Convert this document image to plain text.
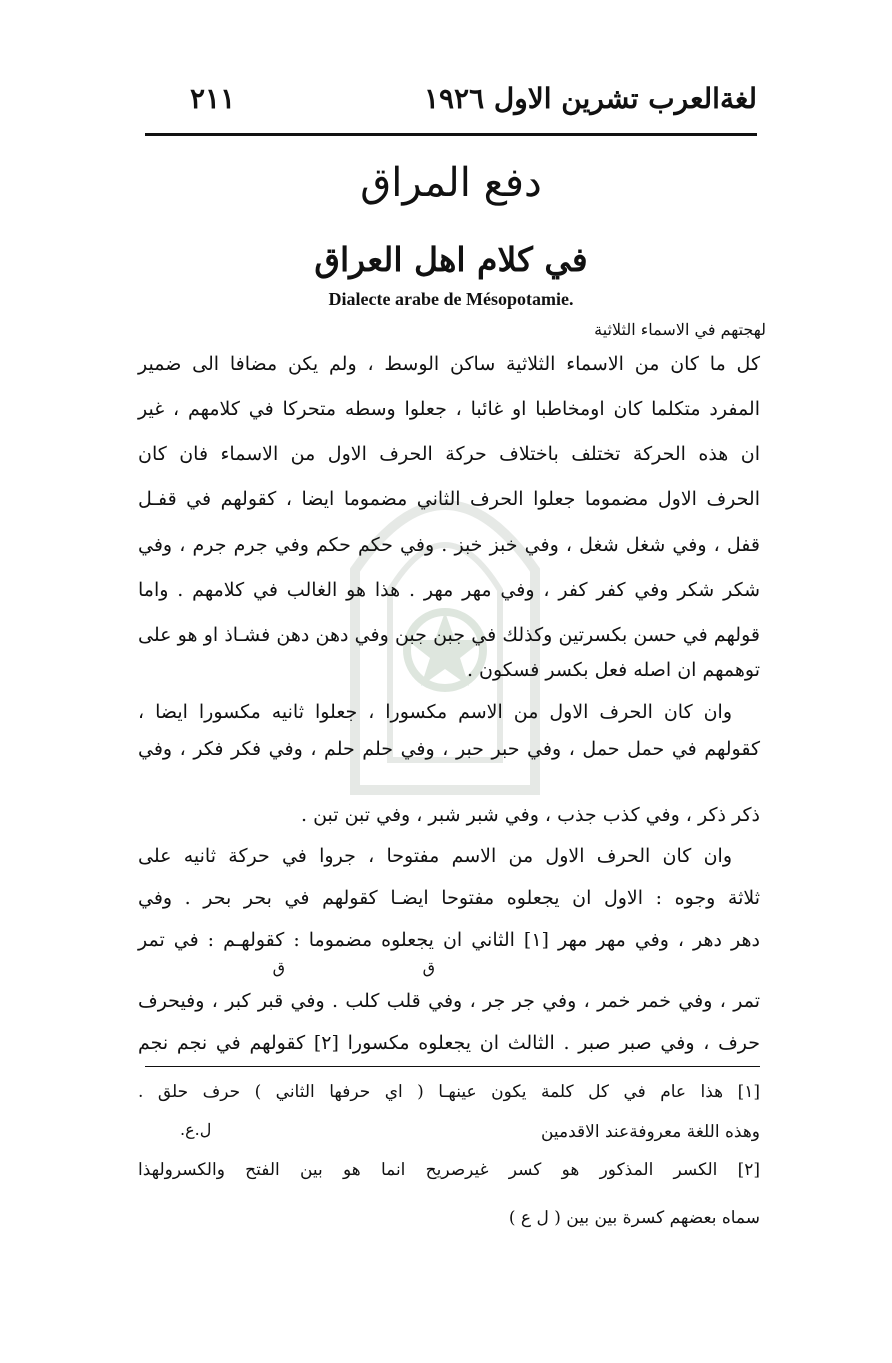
لغةالعرب تشرين الاول ١٩٢٦
٢١١
دفع المراق
في كلام اهل العراق
Dialecte arabe de Mésopotamie.
لهجتهم في الاسماء الثلاثية
كل ما كان من الاسماء الثلاثية ساكن الوسط ، ولم يكن مضافا الى ضمير
المفرد متكلما كان اومخاطبا او غائبا ، جعلوا وسطه متحركا في كلامهم ، غير
ان هذه الحركة تختلف باختلاف حركة الحرف الاول من الاسماء فان كان
الحرف الاول مضموما جعلوا الحرف الثاني مضموما ايضا ، كقولهم في قفـل
قفل ، وفي شغل شغل ، وفي خبز خبز . وفي حكم حكم وفي جرم جرم ، وفي
شكر شكر وفي كفر كفر ، وفي مهر مهر . هذا هو الغالب في كلامهم . واما
قولهم في حسن بكسرتين وكذلك في جبن جبن وفي دهن دهن فشـاذ او هو على
توهمهم ان اصله فعل بكسر فسكون .
وان كان الحرف الاول من الاسم مكسورا ، جعلوا ثانيه مكسورا ايضا ،
كقولهم في حمل حمل ، وفي حبر حبر ، وفي حلم حلم ، وفي فكر فكر ، وفي
ذكر ذكر ، وفي كذب جذب ، وفي شبر شبر ، وفي تبن تبن .
وان كان الحرف الاول من الاسم مفتوحا ، جروا في حركة ثانيه على
ثلاثة وجوه : الاول ان يجعلوه مفتوحا ايضـا كقولهم في بحر بحر . وفي
دهر دهر ، وفي مهر مهر [١] الثاني ان يجعلوه مضموما : كقولهـم : في تمر
ق
ق
تمر ، وفي خمر خمر ، وفي جر جر ، وفي قلب كلب . وفي قبر كبر ، وفيحرف
حرف ، وفي صبر صبر . الثالث ان يجعلوه مكسورا [٢] كقولهم في نجم نجم
[١] هذا عام في كل كلمة يكون عينهـا ( اي حرفها الثاني ) حرف حلق .
وهذه اللغة معروفةعند الاقدمين
ل.ع.
[٢] الكسر المذكور هو كسر غيرصريح انما هو بين الفتح والكسرولهذا
سماه بعضهم كسرة بين بين ( ل ع )
